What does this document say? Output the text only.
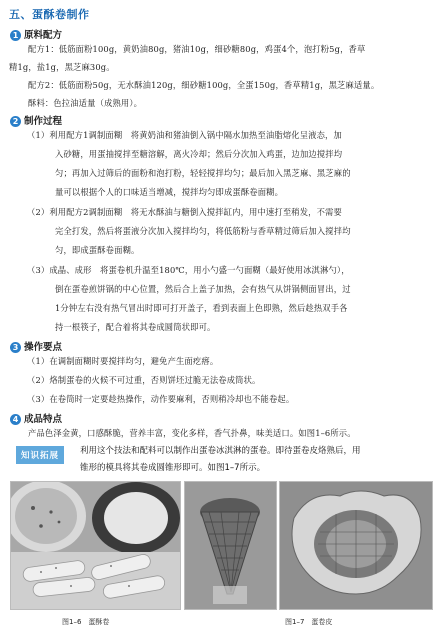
五、蛋酥卷制作
1 原料配方
配方1：低筋面粉100g，黄奶油80g，猪油10g，细砂糖80g，鸡蛋4个，泡打粉5g，香草
精1g，盐1g，黑芝麻30g。
配方2：低筋面粉50g，无水酥油120g，细砂糖100g，全蛋150g，香草精1g，黑芝麻适量。
酥料：色拉油适量（成熟用）。
2 制作过程
（1）利用配方1调制面糊　将黄奶油和猪油倒入锅中隔水加热至油脂熔化呈液态，加
入砂糖，用蛋抽搅拌至糖溶解，离火冷却；然后分次加入鸡蛋，边加边搅拌均
匀；再加入过筛后的面粉和泡打粉，轻轻搅拌均匀；最后加入黑芝麻、黑芝麻的
量可以根据个人的口味适当增减，搅拌均匀即成蛋酥卷面糊。
（2）利用配方2调制面糊　将无水酥油与糖倒入搅拌缸内，用中速打至稍发，不需要
完全打发，然后将蛋液分次加入搅拌均匀，将低筋粉与香草精过筛后加入搅拌均
匀，即成蛋酥卷面糊。
（3）成晶、成形　将蛋卷机升温至180℃，用小勺盛一勺面糊（最好使用冰淇淋勺），
倒在蛋卷煎饼锅的中心位置，然后合上盖子加热，会有热气从饼锅侧面冒出，过
1分钟左右没有热气冒出时即可打开盖子，看到表面上色即熟，然后趁热双手各
持一根筷子，配合着将其卷成圆筒状即可。
3 操作要点
（1）在调制面糊时要搅拌均匀，避免产生面疙瘩。
（2）烙制蛋卷的火候不可过重，否则饼坯过脆无法卷成筒状。
（3）在卷筒时一定要趁热操作，动作要麻利，否则稍冷却也不能卷起。
4 成品特点
知识拓展	利用这个技法和配料可以制作出蛋卷冰淇淋的蛋卷。即待蛋卷皮烙熟后，用
锥形的模具将其卷成圆锥形即可。如图1–7所示。
产品色泽金黄，口感酥脆，营养丰富，变化多样，香气扑鼻，味美适口。如图1–6所示。
图1–6　蛋酥卷	图1–7　蛋卷皮
